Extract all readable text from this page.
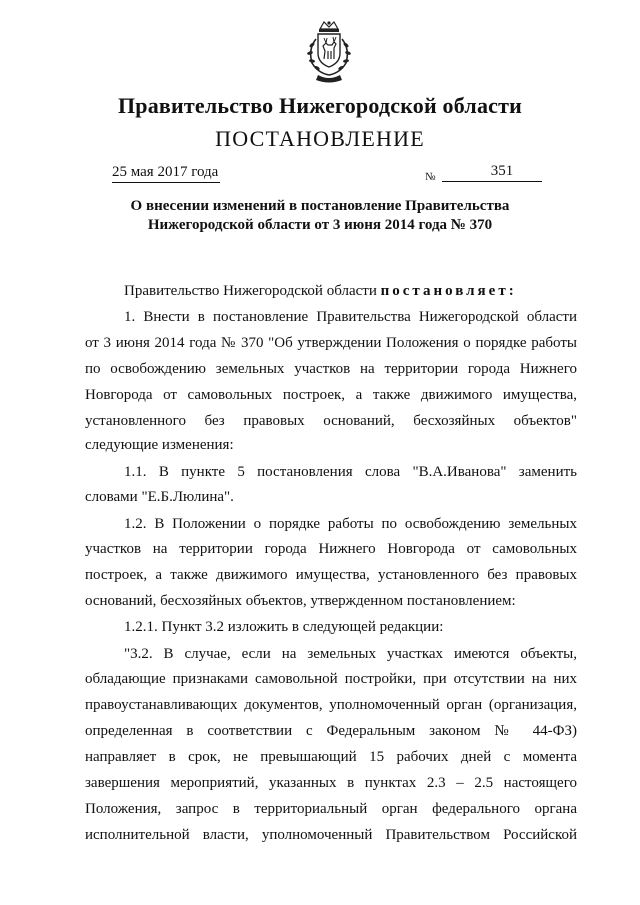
Правительство Нижегородской области
ПОСТАНОВЛЕНИЕ
25 мая 2017 года	№	351
О внесении изменений в постановление Правительства
Нижегородской области от 3 июня 2014 года № 370
Правительство Нижегородской области постановляет:
1. Внести в постановление Правительства Нижегородской области
от 3 июня 2014 года № 370 "Об утверждении Положения о порядке работы
по освобождению земельных участков на территории города Нижнего
Новгорода от самовольных построек, а также движимого имущества,
установленного без правовых оснований, бесхозяйных объектов"
следующие изменения:
1.1. В пункте 5 постановления слова "В.А.Иванова" заменить
словами "Е.Б.Люлина".
1.2. В Положении о порядке работы по освобождению земельных
участков на территории города Нижнего Новгорода от самовольных
построек, а также движимого имущества, установленного без правовых
оснований, бесхозяйных объектов, утвержденном постановлением:
1.2.1. Пункт 3.2 изложить в следующей редакции:
"3.2. В случае, если на земельных участках имеются объекты,
обладающие признаками самовольной постройки, при отсутствии на них
правоустанавливающих документов, уполномоченный орган (организация,
определенная в соответствии с Федеральным законом № 44-ФЗ)
направляет в срок, не превышающий 15 рабочих дней с момента
завершения мероприятий, указанных в пунктах 2.3 – 2.5 настоящего
Положения, запрос в территориальный орган федерального органа
исполнительной власти, уполномоченный Правительством Российской
